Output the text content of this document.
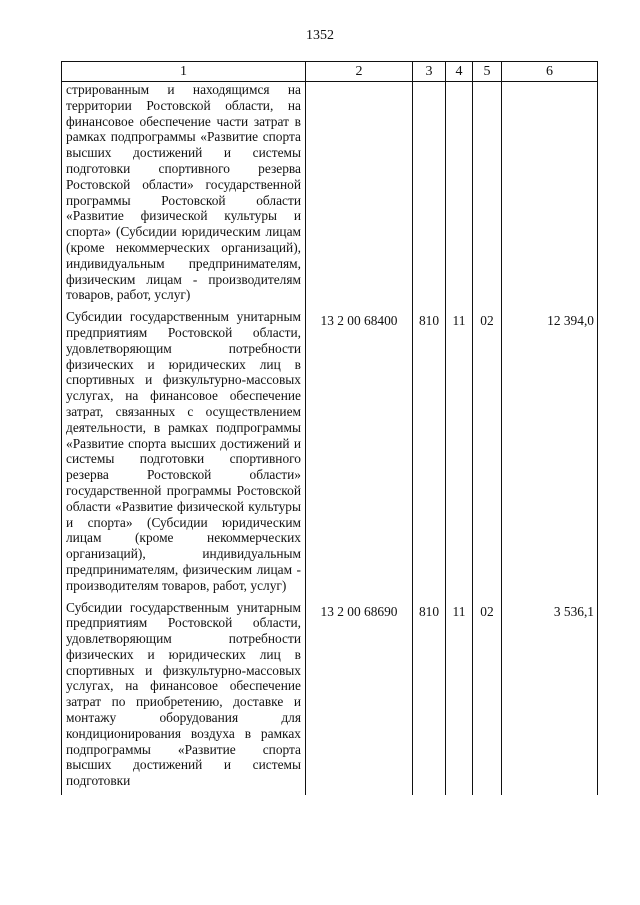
1352
1	2	3	4	5	6
стрированным и находящимся на территории Ростовской области, на финансовое обеспечение части затрат в рамках подпрограммы «Развитие спорта высших достижений и системы подготовки спортивного резерва Ростовской области» государственной программы Ростовской области «Развитие физической культуры и спорта» (Субсидии юридическим лицам (кроме некоммерческих организаций), индивидуальным предпринимателям, физическим лицам - производителям товаров, работ, услуг)					
Субсидии государственным унитарным предприятиям Ростовской области, удовлетворяющим потребности физических и юридических лиц в спортивных и физкультурно-массовых услугах, на финансовое обеспечение затрат, связанных с осуществлением деятельности, в рамках подпрограммы «Развитие спорта высших достижений и системы подготовки спортивного резерва Ростовской области» государственной программы Ростовской области «Развитие физической культуры и спорта» (Субсидии юридическим лицам (кроме некоммерческих организаций), индивидуальным предпринимателям, физическим лицам - производителям товаров, работ, услуг)	13 2 00 68400	810	11	02	12 394,0
Субсидии государственным унитарным предприятиям Ростовской области, удовлетворяющим потребности физических и юридических лиц в спортивных и физкультурно-массовых услугах, на финансовое обеспечение затрат по приобретению, доставке и монтажу оборудования для кондиционирования воздуха в рамках подпрограммы «Развитие спорта высших достижений и системы подготовки	13 2 00 68690	810	11	02	3 536,1
